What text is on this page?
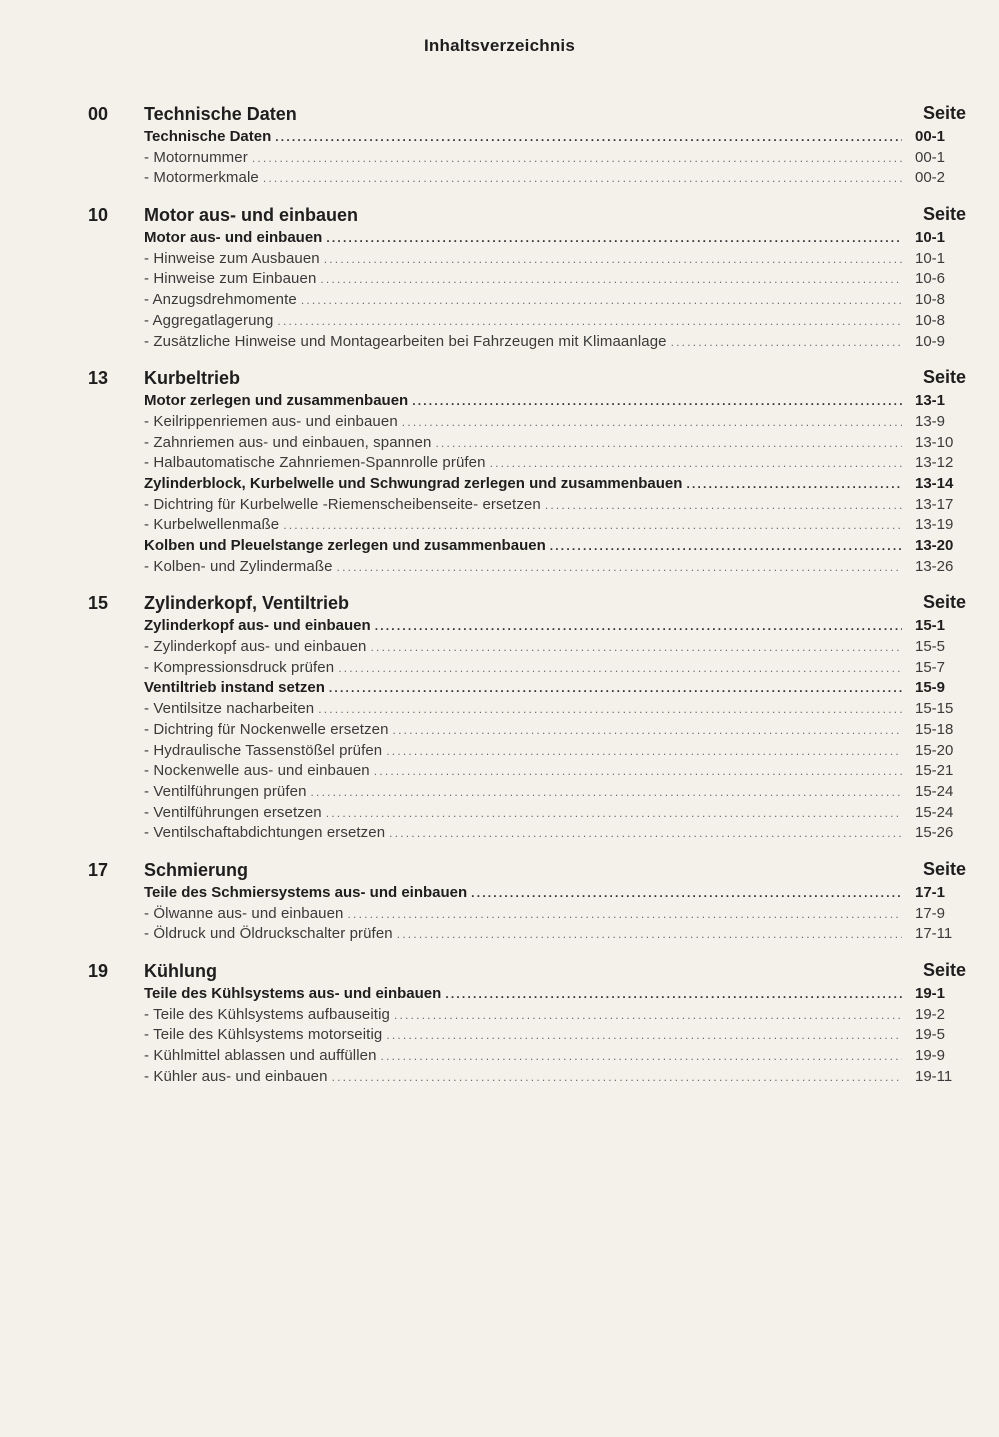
Inhaltsverzeichnis
00 Technische Daten	Seite
Technische Daten .....	00-1
- Motornummer .....	00-1
- Motormerkmale .....	00-2
10 Motor aus- und einbauen	Seite
Motor aus- und einbauen .....	10-1
- Hinweise zum Ausbauen .....	10-1
- Hinweise zum Einbauen .....	10-6
- Anzugsdrehmomente .....	10-8
- Aggregatlagerung .....	10-8
- Zusätzliche Hinweise und Montagearbeiten bei Fahrzeugen mit Klimaanlage .....	10-9
13 Kurbeltrieb	Seite
Motor zerlegen und zusammenbauen .....	13-1
- Keilrippenriemen aus- und einbauen .....	13-9
- Zahnriemen aus- und einbauen, spannen .....	13-10
- Halbautomatische Zahnriemen-Spannrolle prüfen .....	13-12
Zylinderblock, Kurbelwelle und Schwungrad zerlegen und zusammenbauen .....	13-14
- Dichtring für Kurbelwelle -Riemenscheibenseite- ersetzen .....	13-17
- Kurbelwellenmaße .....	13-19
Kolben und Pleuelstange zerlegen und zusammenbauen .....	13-20
- Kolben- und Zylindermaße .....	13-26
15 Zylinderkopf, Ventiltrieb	Seite
Zylinderkopf aus- und einbauen .....	15-1
- Zylinderkopf aus- und einbauen .....	15-5
- Kompressionsdruck prüfen .....	15-7
Ventiltrieb instand setzen .....	15-9
- Ventilsitze nacharbeiten .....	15-15
- Dichtring für Nockenwelle ersetzen .....	15-18
- Hydraulische Tassenstößel prüfen .....	15-20
- Nockenwelle aus- und einbauen .....	15-21
- Ventilführungen prüfen .....	15-24
- Ventilführungen ersetzen .....	15-24
- Ventilschaftabdichtungen ersetzen .....	15-26
17 Schmierung	Seite
Teile des Schmiersystems aus- und einbauen .....	17-1
- Ölwanne aus- und einbauen .....	17-9
- Öldruck und Öldruckschalter prüfen .....	17-11
19 Kühlung	Seite
Teile des Kühlsystems aus- und einbauen .....	19-1
- Teile des Kühlsystems aufbauseitig .....	19-2
- Teile des Kühlsystems motorseitig .....	19-5
- Kühlmittel ablassen und auffüllen .....	19-9
- Kühler aus- und einbauen .....	19-11
